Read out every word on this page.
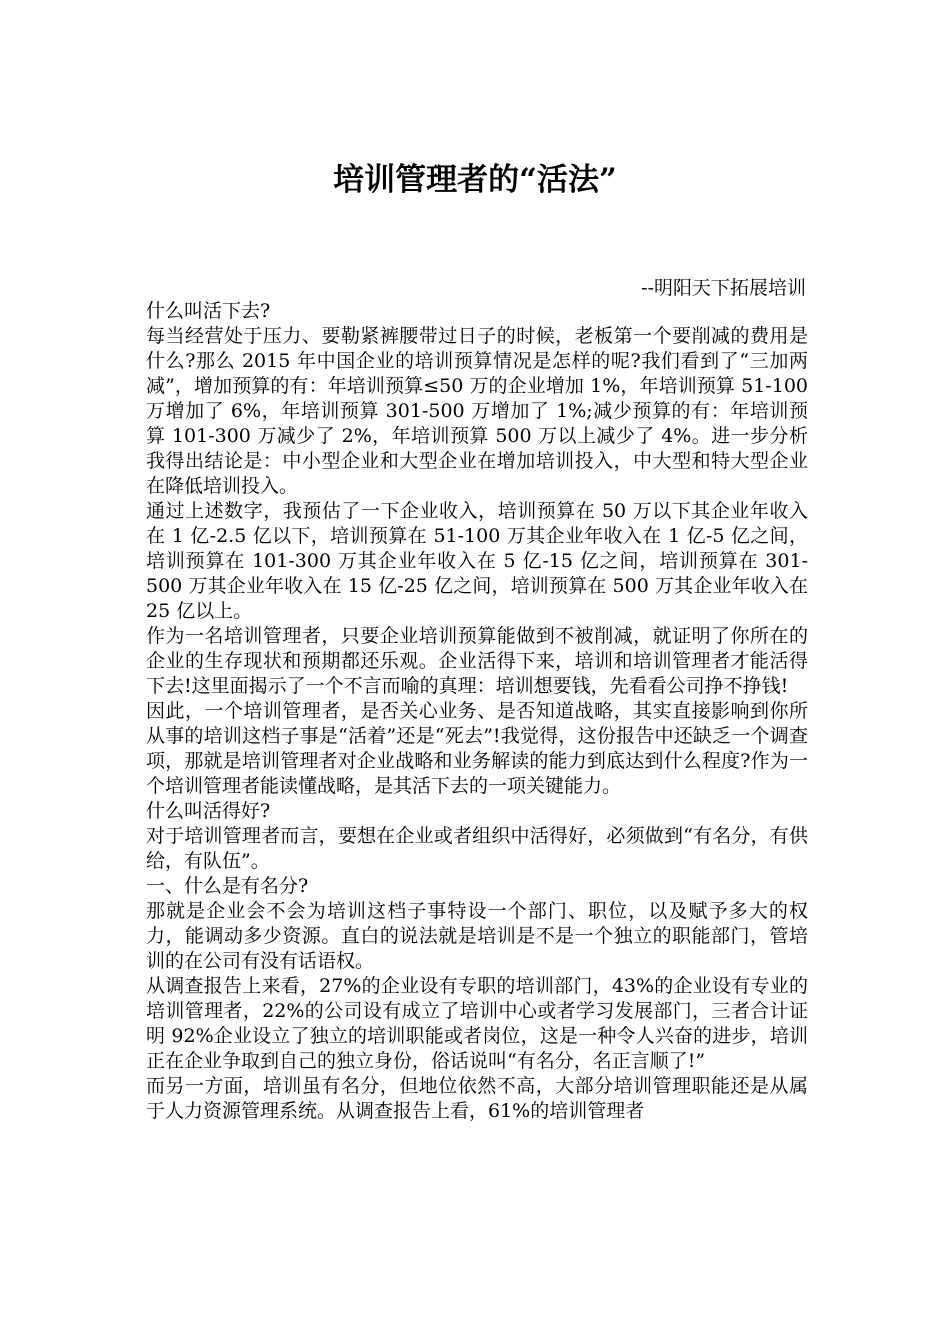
培训管理者的“活法”

--明阳天下拓展培训

什么叫活下去?

每当经营处于压力、要勒紧裤腰带过日子的时候，老板第一个要削减的费用是什么?那么 2015 年中国企业的培训预算情况是怎样的呢?我们看到了“三加两减”，增加预算的有：年培训预算≤50 万的企业增加 1%，年培训预算 51-100 万增加了 6%，年培训预算 301-500 万增加了 1%;减少预算的有：年培训预算 101-300 万减少了 2%，年培训预算 500 万以上减少了 4%。进一步分析我得出结论是：中小型企业和大型企业在增加培训投入，中大型和特大型企业在降低培训投入。

通过上述数字，我预估了一下企业收入，培训预算在 50 万以下其企业年收入在 1 亿-2.5 亿以下，培训预算在 51-100 万其企业年收入在 1 亿-5 亿之间，培训预算在 101-300 万其企业年收入在 5 亿-15 亿之间，培训预算在 301-500 万其企业年收入在 15 亿-25 亿之间，培训预算在 500 万其企业年收入在 25 亿以上。

作为一名培训管理者，只要企业培训预算能做到不被削减，就证明了你所在的企业的生存现状和预期都还乐观。企业活得下来，培训和培训管理者才能活得下去!这里面揭示了一个不言而喻的真理：培训想要钱，先看看公司挣不挣钱!

因此，一个培训管理者，是否关心业务、是否知道战略，其实直接影响到你所从事的培训这档子事是“活着”还是“死去”!我觉得，这份报告中还缺乏一个调查项，那就是培训管理者对企业战略和业务解读的能力到底达到什么程度?作为一个培训管理者能读懂战略，是其活下去的一项关键能力。

什么叫活得好?

对于培训管理者而言，要想在企业或者组织中活得好，必须做到“有名分，有供给，有队伍”。

一、什么是有名分?

那就是企业会不会为培训这档子事特设一个部门、职位，以及赋予多大的权力，能调动多少资源。直白的说法就是培训是不是一个独立的职能部门，管培训的在公司有没有话语权。

从调查报告上来看，27%的企业设有专职的培训部门，43%的企业设有专业的培训管理者，22%的公司设有成立了培训中心或者学习发展部门，三者合计证明 92%企业设立了独立的培训职能或者岗位，这是一种令人兴奋的进步，培训正在企业争取到自己的独立身份，俗话说叫“有名分，名正言顺了!”

而另一方面，培训虽有名分，但地位依然不高，大部分培训管理职能还是从属于人力资源管理系统。从调查报告上看，61%的培训管理者
